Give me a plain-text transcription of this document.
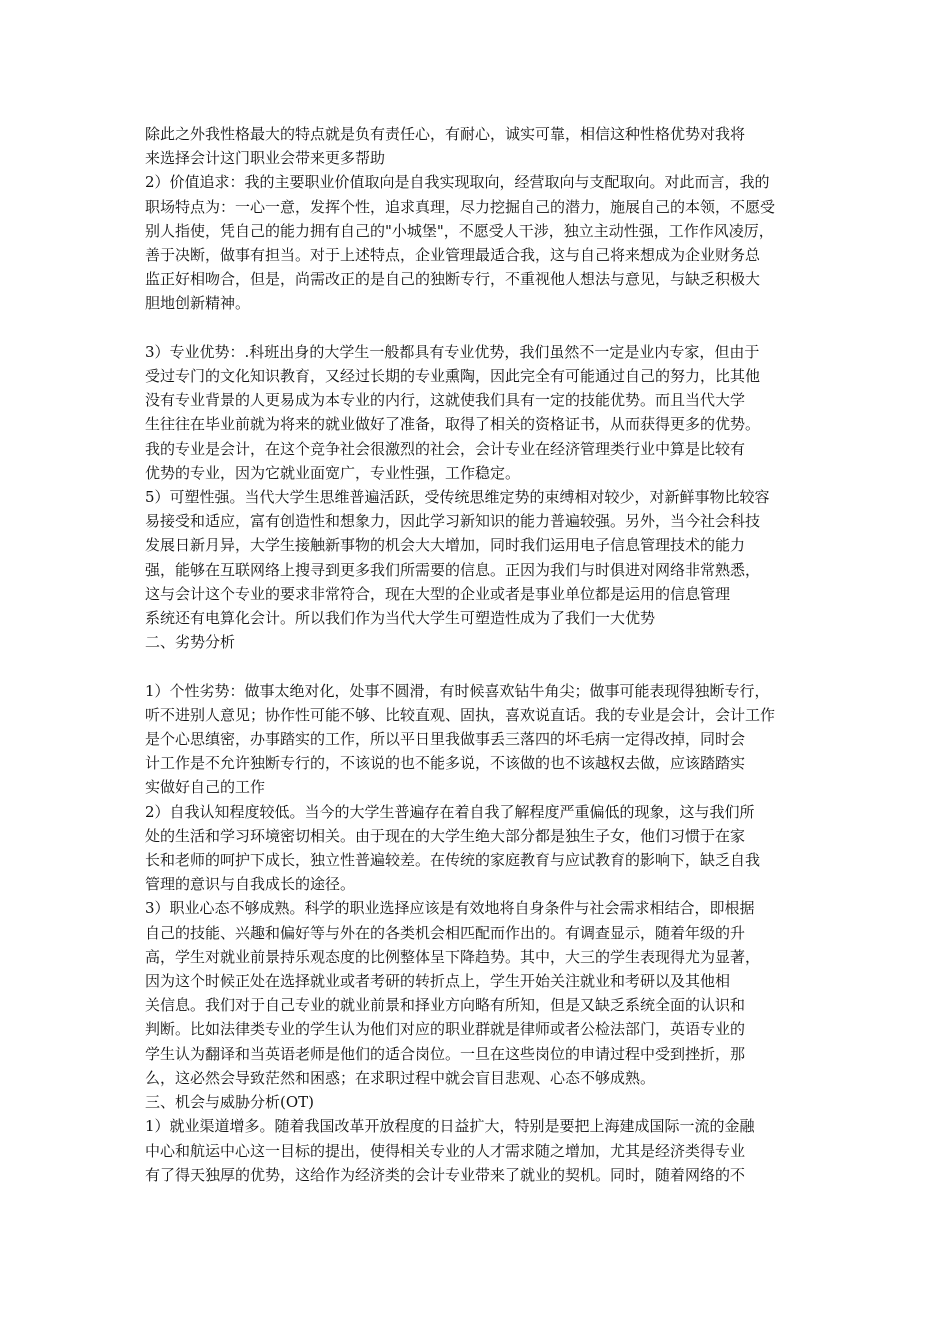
除此之外我性格最大的特点就是负有责任心，有耐心，诚实可靠，相信这种性格优势对我将

来选择会计这门职业会带来更多帮助

2）价值追求：我的主要职业价值取向是自我实现取向，经营取向与支配取向。对此而言，我的

职场特点为：一心一意，发挥个性，追求真理，尽力挖掘自己的潜力，施展自己的本领，不愿受

别人指使，凭自己的能力拥有自己的"小城堡"，不愿受人干涉，独立主动性强，工作作风凌厉，

善于决断，做事有担当。对于上述特点，企业管理最适合我，这与自己将来想成为企业财务总

监正好相吻合，但是，尚需改正的是自己的独断专行，不重视他人想法与意见，与缺乏积极大

胆地创新精神。

3）专业优势：.科班出身的大学生一般都具有专业优势，我们虽然不一定是业内专家，但由于

受过专门的文化知识教育，又经过长期的专业熏陶，因此完全有可能通过自己的努力，比其他

没有专业背景的人更易成为本专业的内行，这就使我们具有一定的技能优势。而且当代大学

生往往在毕业前就为将来的就业做好了准备，取得了相关的资格证书，从而获得更多的优势。

我的专业是会计，在这个竞争社会很激烈的社会，会计专业在经济管理类行业中算是比较有

优势的专业，因为它就业面宽广，专业性强，工作稳定。

5）可塑性强。当代大学生思维普遍活跃，受传统思维定势的束缚相对较少，对新鲜事物比较容

易接受和适应，富有创造性和想象力，因此学习新知识的能力普遍较强。另外，当今社会科技

发展日新月异，大学生接触新事物的机会大大增加，同时我们运用电子信息管理技术的能力

强，能够在互联网络上搜寻到更多我们所需要的信息。正因为我们与时俱进对网络非常熟悉，

这与会计这个专业的要求非常符合，现在大型的企业或者是事业单位都是运用的信息管理

系统还有电算化会计。所以我们作为当代大学生可塑造性成为了我们一大优势

二、劣势分析

1）个性劣势：做事太绝对化，处事不圆滑，有时候喜欢钻牛角尖；做事可能表现得独断专行，

听不进别人意见；协作性可能不够、比较直观、固执，喜欢说直话。我的专业是会计，会计工作

是个心思缜密，办事踏实的工作，所以平日里我做事丢三落四的坏毛病一定得改掉，同时会

计工作是不允许独断专行的，不该说的也不能多说，不该做的也不该越权去做，应该踏踏实

实做好自己的工作

2）自我认知程度较低。当今的大学生普遍存在着自我了解程度严重偏低的现象，这与我们所

处的生活和学习环境密切相关。由于现在的大学生绝大部分都是独生子女，他们习惯于在家

长和老师的呵护下成长，独立性普遍较差。在传统的家庭教育与应试教育的影响下，缺乏自我

管理的意识与自我成长的途径。

3）职业心态不够成熟。科学的职业选择应该是有效地将自身条件与社会需求相结合，即根据

自己的技能、兴趣和偏好等与外在的各类机会相匹配而作出的。有调查显示，随着年级的升

高，学生对就业前景持乐观态度的比例整体呈下降趋势。其中，大三的学生表现得尤为显著，

因为这个时候正处在选择就业或者考研的转折点上，学生开始关注就业和考研以及其他相

关信息。我们对于自己专业的就业前景和择业方向略有所知，但是又缺乏系统全面的认识和

判断。比如法律类专业的学生认为他们对应的职业群就是律师或者公检法部门，英语专业的

学生认为翻译和当英语老师是他们的适合岗位。一旦在这些岗位的申请过程中受到挫折，那

么，这必然会导致茫然和困惑；在求职过程中就会盲目悲观、心态不够成熟。

三、机会与威胁分析(OT)

1）就业渠道增多。随着我国改革开放程度的日益扩大，特别是要把上海建成国际一流的金融

中心和航运中心这一目标的提出，使得相关专业的人才需求随之增加，尤其是经济类得专业

有了得天独厚的优势，这给作为经济类的会计专业带来了就业的契机。同时，随着网络的不
